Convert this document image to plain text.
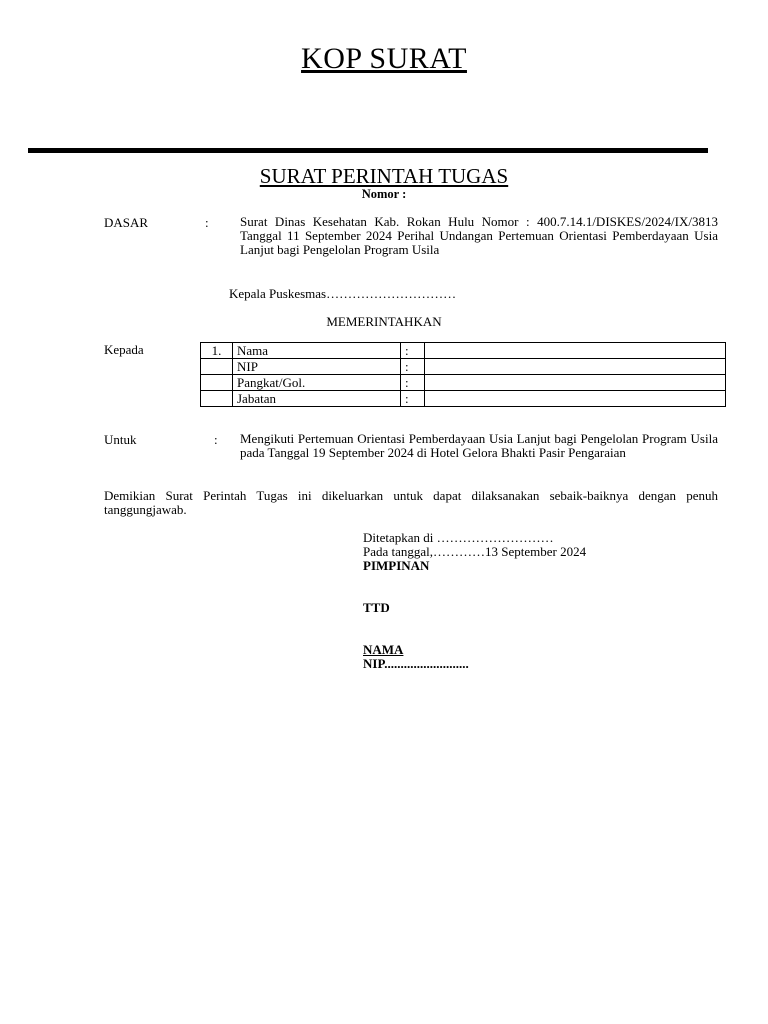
KOP SURAT
SURAT PERINTAH TUGAS
Nomor :
DASAR	: Surat Dinas Kesehatan Kab. Rokan Hulu Nomor : 400.7.14.1/DISKES/2024/IX/3813 Tanggal 11 September 2024 Perihal Undangan Pertemuan Orientasi Pemberdayaan Usia Lanjut bagi Pengelolan Program Usila
Kepala Puskesmas…………………………
MEMERINTAHKAN
Kepada	1.	Nama	:	
	NIP	:	
	Pangkat/Gol.	:	
	Jabatan	:	
Untuk	: Mengikuti Pertemuan Orientasi Pemberdayaan Usia Lanjut bagi Pengelolan Program Usila pada Tanggal 19 September 2024 di Hotel Gelora Bhakti Pasir Pengaraian
Demikian Surat Perintah Tugas ini dikeluarkan untuk dapat dilaksanakan sebaik-baiknya dengan penuh tanggungjawab.
Ditetapkan di ………………………
Pada tanggal,…………13 September 2024
PIMPINAN
TTD
NAMA
NIP..........................
